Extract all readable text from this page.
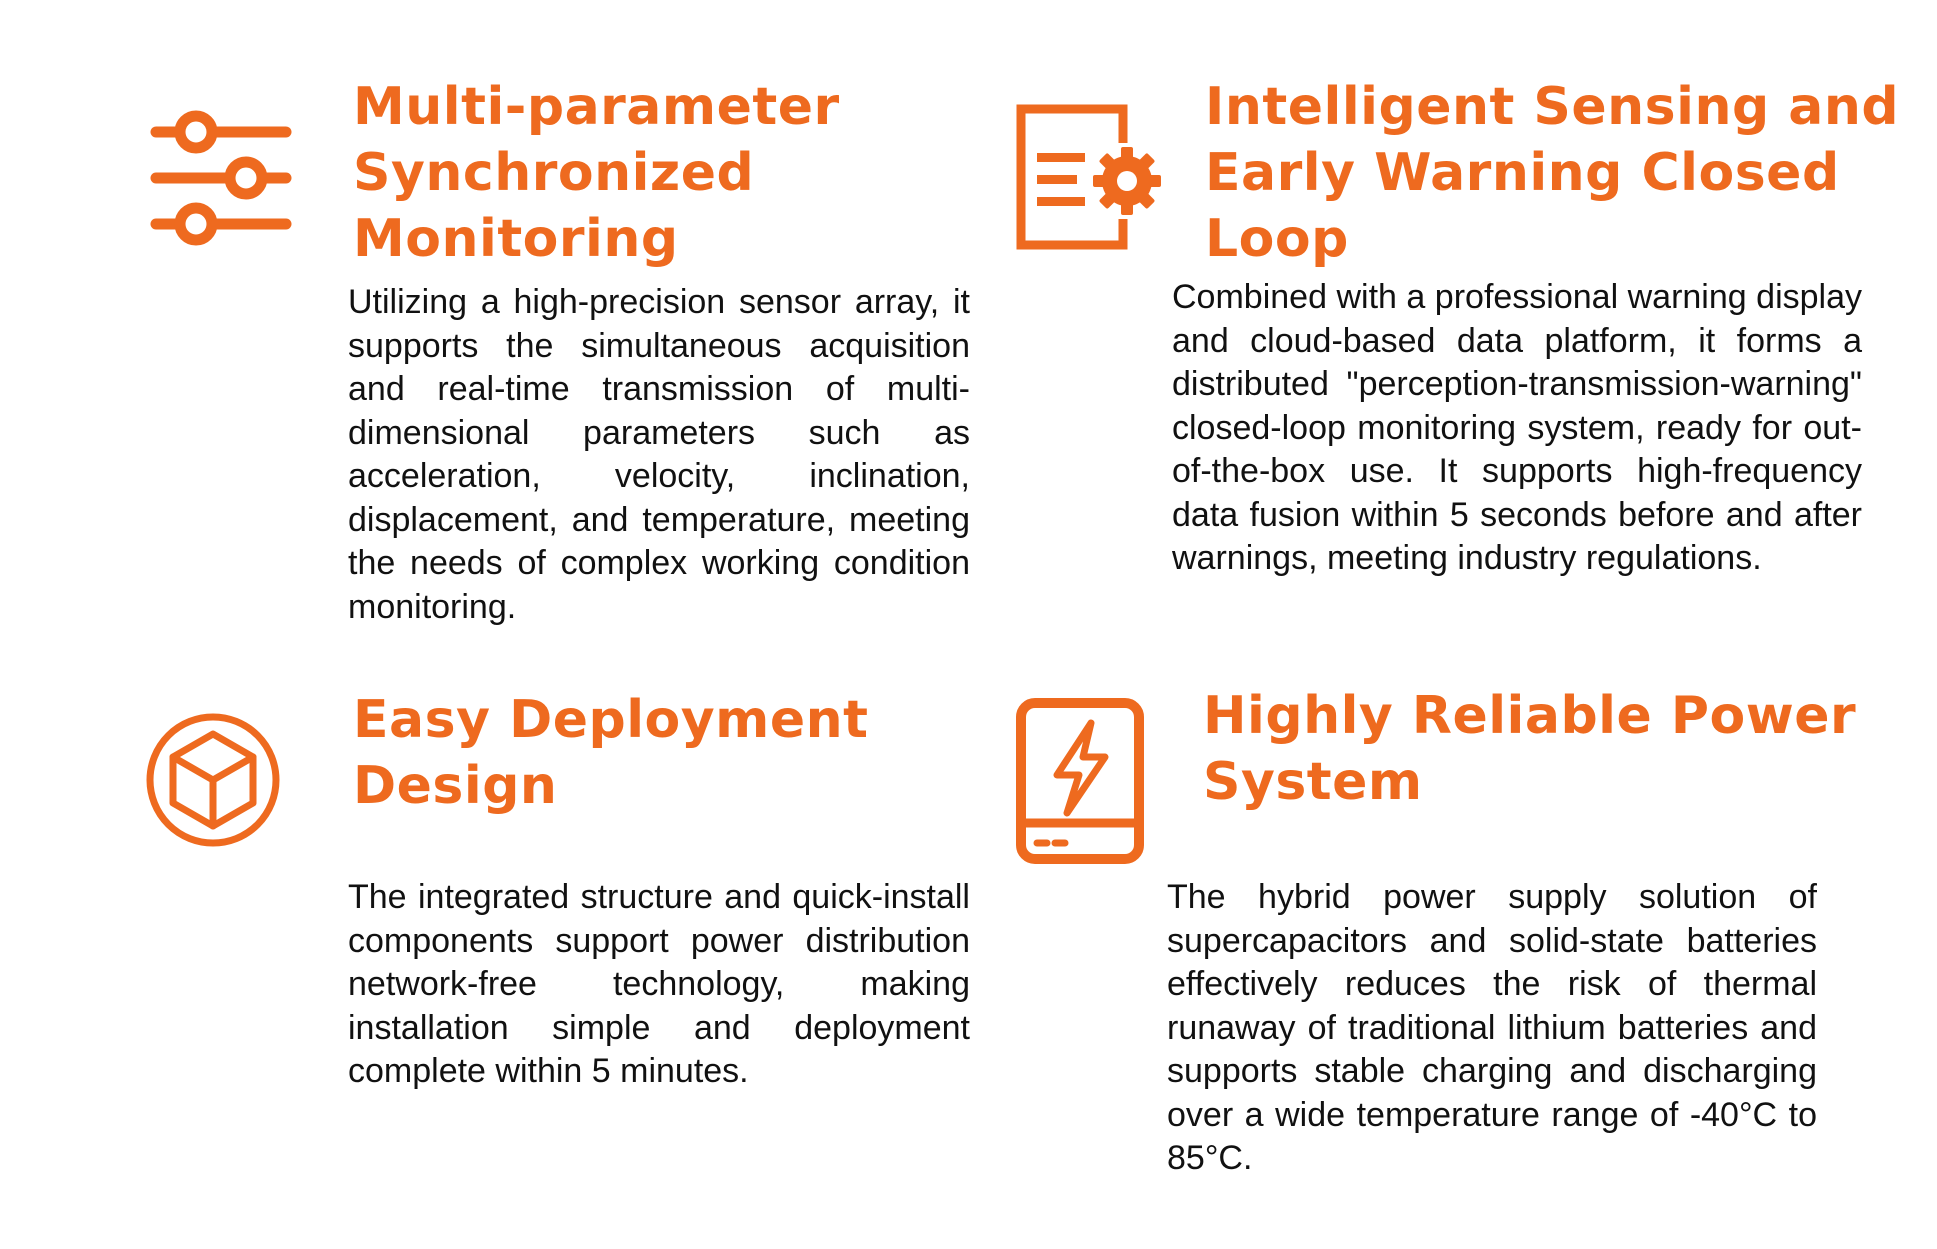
Multi-parameter Synchronized Monitoring

Utilizing a high-precision sensor array, it supports the simultaneous acquisition and real-time transmission of multi-dimensional parameters such as acceleration, velocity, inclination, displacement, and temperature, meeting the needs of complex working condition monitoring.

Intelligent Sensing and Early Warning Closed Loop

Combined with a professional warning display and cloud-based data platform, it forms a distributed "perception-transmission-warning" closed-loop monitoring system, ready for out-of-the-box use. It supports high-frequency data fusion within 5 seconds before and after warnings, meeting industry regulations.

Easy Deployment Design

The integrated structure and quick-install components support power distribution network-free technology, making installation simple and deployment complete within 5 minutes.

Highly Reliable Power System

The hybrid power supply solution of supercapacitors and solid-state batteries effectively reduces the risk of thermal runaway of traditional lithium batteries and supports stable charging and discharging over a wide temperature range of -40°C to 85°C.
